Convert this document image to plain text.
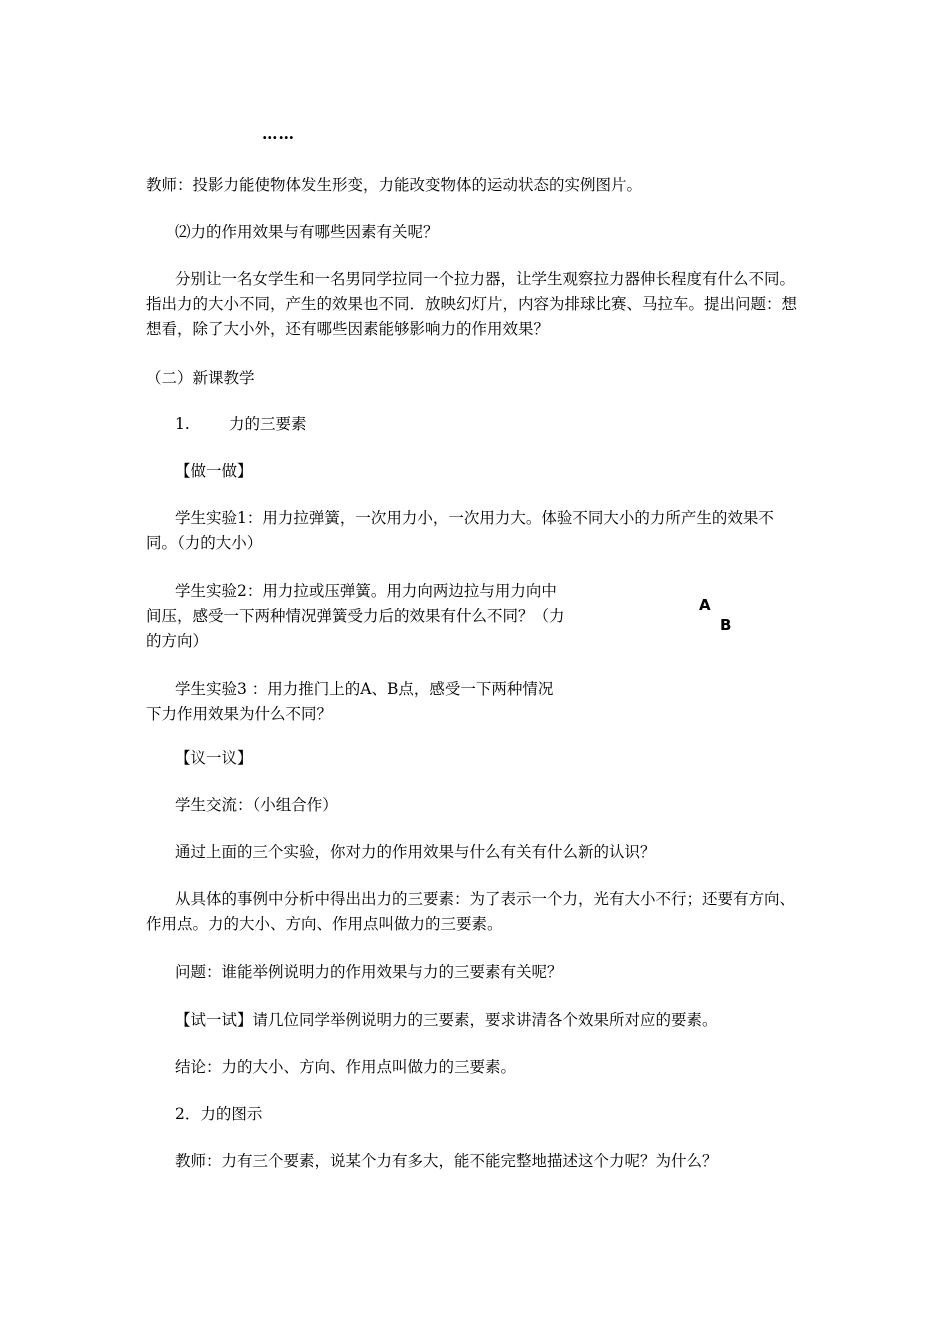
……
教师：投影力能使物体发生形变，力能改变物体的运动状态的实例图片。
⑵力的作用效果与有哪些因素有关呢？
分别让一名女学生和一名男同学拉同一个拉力器，让学生观察拉力器伸长程度有什么不同。指出力的大小不同，产生的效果也不同．放映幻灯片，内容为排球比赛、马拉车。提出问题：想想看，除了大小外，还有哪些因素能够影响力的作用效果？
（二）新课教学
1.	力的三要素
【做一做】
学生实验1：用力拉弹簧，一次用力小，一次用力大。体验不同大小的力所产生的效果不同。（力的大小）
学生实验2：用力拉或压弹簧。用力向两边拉与用力向中间压，感受一下两种情况弹簧受力后的效果有什么不同？（力的方向）
A
B
学生实验3 ：用力推门上的A、B点，感受一下两种情况下力作用效果为什么不同？
【议一议】
学生交流：（小组合作）
通过上面的三个实验，你对力的作用效果与什么有关有什么新的认识？
从具体的事例中分析中得出出力的三要素：为了表示一个力，光有大小不行；还要有方向、作用点。力的大小、方向、作用点叫做力的三要素。
问题：谁能举例说明力的作用效果与力的三要素有关呢？
【试一试】请几位同学举例说明力的三要素，要求讲清各个效果所对应的要素。
结论：力的大小、方向、作用点叫做力的三要素。
2．力的图示
教师：力有三个要素，说某个力有多大，能不能完整地描述这个力呢？为什么？
